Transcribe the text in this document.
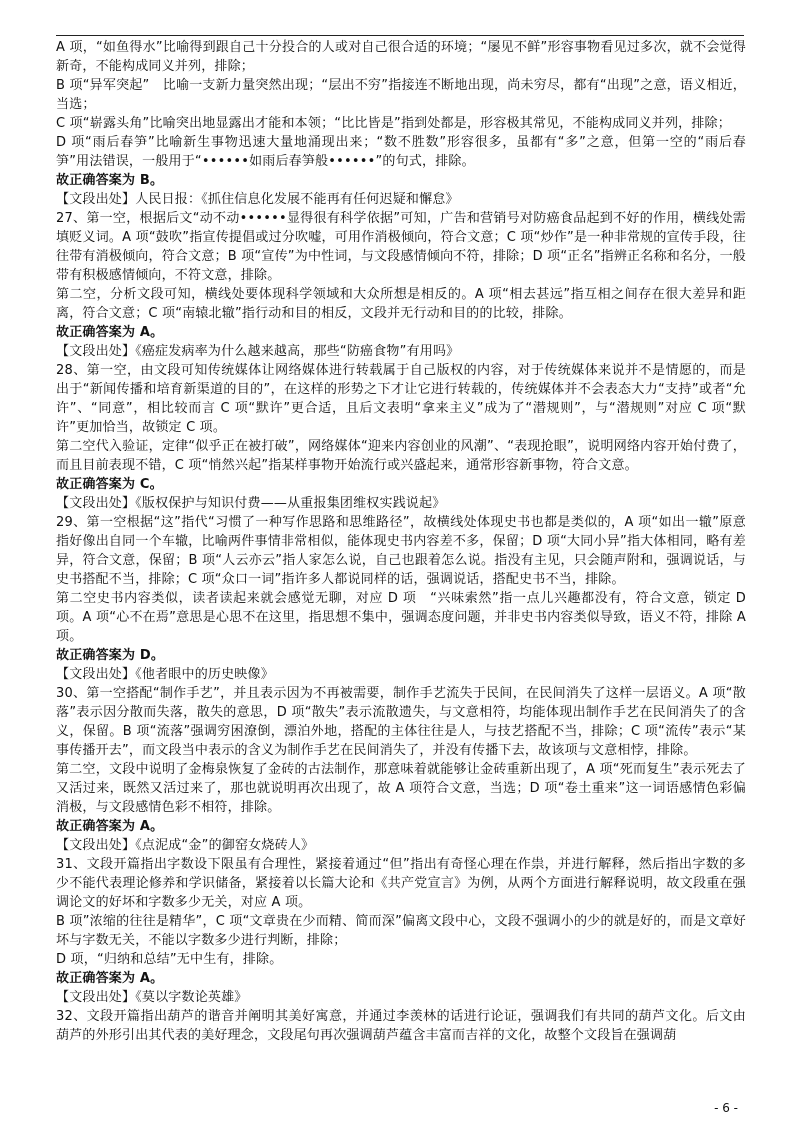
A 项，“如鱼得水”比喻得到跟自己十分投合的人或对自己很合适的环境；“屡见不鲜”形容事物看见过多次，就不会觉得新奇，不能构成同义并列，排除；

B 项“异军突起”　比喻一支新力量突然出现；“层出不穷”指接连不断地出现，尚未穷尽，都有“出现”之意，语义相近，当选；

C 项“崭露头角”比喻突出地显露出才能和本领；“比比皆是”指到处都是，形容极其常见，不能构成同义并列，排除；

D 项“雨后春笋”比喻新生事物迅速大量地涌现出来；“数不胜数”形容很多，虽都有“多”之意，但第一空的“雨后春笋”用法错误，一般用于“••••••如雨后春笋般••••••”的句式，排除。

故正确答案为 B。

【文段出处】人民日报：《抓住信息化发展不能再有任何迟疑和懈怠》

27、第一空，根据后文“动不动••••••显得很有科学依据”可知，广告和营销号对防癌食品起到不好的作用，横线处需填贬义词。A 项“鼓吹”指宣传提倡或过分吹嘘，可用作消极倾向，符合文意；C 项“炒作”是一种非常规的宣传手段，往往带有消极倾向，符合文意；B 项“宣传”为中性词，与文段感情倾向不符，排除；D 项“正名”指辨正名称和名分，一般带有积极感情倾向，不符文意，排除。

第二空，分析文段可知，横线处要体现科学领域和大众所想是相反的。A 项“相去甚远”指互相之间存在很大差异和距离，符合文意；C 项“南辕北辙”指行动和目的相反，文段并无行动和目的的比较，排除。

故正确答案为 A。

【文段出处】《癌症发病率为什么越来越高，那些“防癌食物”有用吗》

28、第一空，由文段可知传统媒体让网络媒体进行转载属于自己版权的内容，对于传统媒体来说并不是情愿的，而是出于“新闻传播和培育新渠道的目的”，在这样的形势之下才让它进行转载的，传统媒体并不会表态大力“支持”或者“允许”、“同意”，相比较而言 C 项“默许”更合适，且后文表明“拿来主义”成为了“潜规则”，与“潜规则”对应 C 项“默许”更加恰当，故锁定 C 项。

第二空代入验证，定律“似乎正在被打破”，网络媒体“迎来内容创业的风潮”、“表现抢眼”，说明网络内容开始付费了，而且目前表现不错，C 项“悄然兴起”指某样事物开始流行或兴盛起来，通常形容新事物，符合文意。

故正确答案为 C。

【文段出处】《版权保护与知识付费——从重报集团维权实践说起》

29、第一空根据“这”指代“习惯了一种写作思路和思维路径”，故横线处体现史书也都是类似的，A 项“如出一辙”原意指好像出自同一个车辙，比喻两件事情非常相似，能体现史书内容差不多，保留；D 项“大同小异”指大体相同，略有差异，符合文意，保留；B 项“人云亦云”指人家怎么说，自己也跟着怎么说。指没有主见，只会随声附和，强调说话，与史书搭配不当，排除；C 项“众口一词”指许多人都说同样的话，强调说话，搭配史书不当，排除。

第二空史书内容类似，读者读起来就会感觉无聊，对应 D 项　“兴味索然”指一点儿兴趣都没有，符合文意，锁定 D 项。A 项“心不在焉”意思是心思不在这里，指思想不集中，强调态度问题，并非史书内容类似导致，语义不符，排除 A 项。

故正确答案为 D。

【文段出处】《他者眼中的历史映像》

30、第一空搭配“制作手艺”，并且表示因为不再被需要，制作手艺流失于民间，在民间消失了这样一层语义。A 项“散落”表示因分散而失落，散失的意思，D 项“散失”表示流散遗失，与文意相符，均能体现出制作手艺在民间消失了的含义，保留。B 项“流落”强调穷困潦倒，漂泊外地，搭配的主体往往是人，与技艺搭配不当，排除；C 项“流传”表示“某事传播开去”，而文段当中表示的含义为制作手艺在民间消失了，并没有传播下去，故该项与文意相悖，排除。

第二空，文段中说明了金梅泉恢复了金砖的古法制作，那意味着就能够让金砖重新出现了，A 项“死而复生”表示死去了又活过来，既然又活过来了，那也就说明再次出现了，故 A 项符合文意，当选；D 项“卷土重来”这一词语感情色彩偏消极，与文段感情色彩不相符，排除。

故正确答案为 A。

【文段出处】《点泥成“金”的御窑女烧砖人》

31、文段开篇指出字数设下限虽有合理性，紧接着通过“但”指出有奇怪心理在作祟，并进行解释，然后指出字数的多少不能代表理论修养和学识储备，紧接着以长篇大论和《共产党宣言》为例，从两个方面进行解释说明，故文段重在强调论文的好坏和字数多少无关，对应 A 项。

B 项”浓缩的往往是精华”，C 项“文章贵在少而精、简而深”偏离文段中心，文段不强调小的少的就是好的，而是文章好坏与字数无关，不能以字数多少进行判断，排除；

D 项，“归纳和总结”无中生有，排除。

故正确答案为 A。

【文段出处】《莫以字数论英雄》

32、文段开篇指出葫芦的谐音并阐明其美好寓意，并通过李羡林的话进行论证，强调我们有共同的葫芦文化。后文由葫芦的外形引出其代表的美好理念，文段尾句再次强调葫芦蕴含丰富而吉祥的文化，故整个文段旨在强调葫

- 6 -
